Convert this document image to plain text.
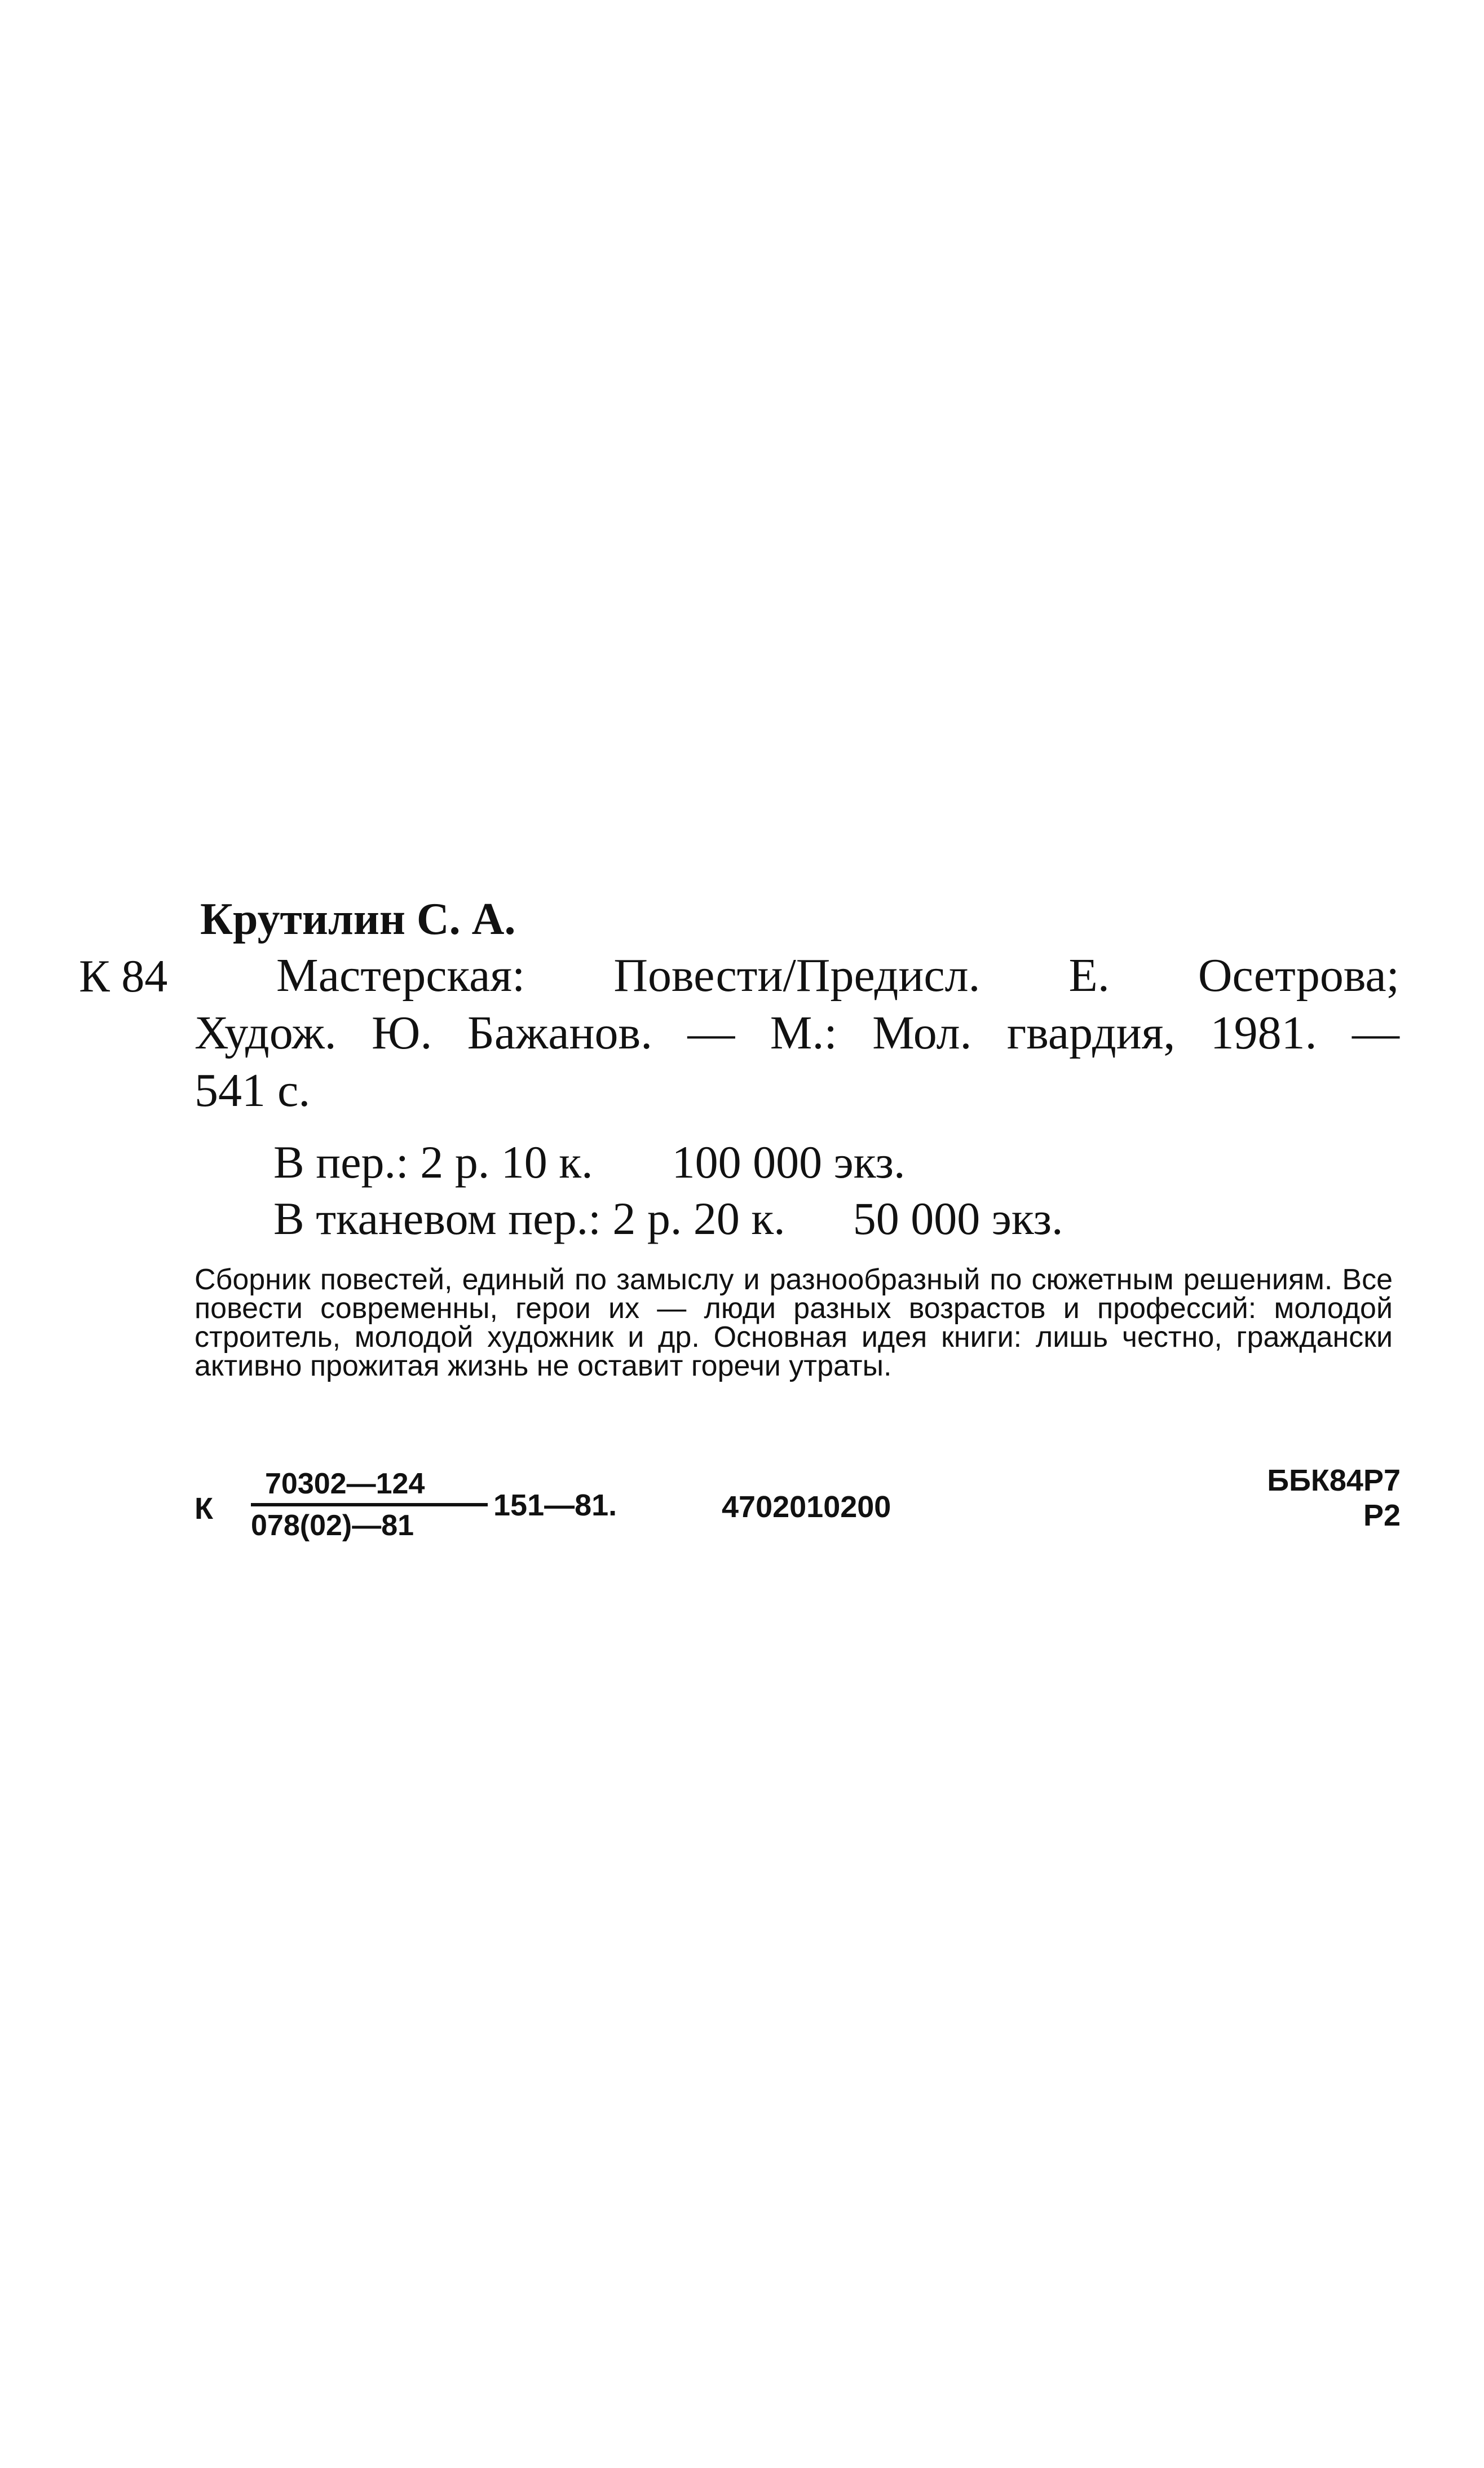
Крутилин С. А.
К 84 Мастерская: Повести/Предисл. Е. Осетрова;
Худож. Ю. Бажанов. — М.: Мол. гвардия, 1981. —
541 с.
В пер.: 2 р. 10 к. 100 000 экз.
В тканевом пер.: 2 р. 20 к. 50 000 экз.
Сборник повестей, единый по замыслу и разнообразный по сюжетным решениям. Все повести современны, герои их — люди разных возрастов и профессий: молодой строитель, молодой художник и др. Основная идея книги: лишь честно, граждански активно прожитая жизнь не оставит горечи утраты.
К
70302—124
078(02)—81
151—81.	4702010200
ББК84Р7
Р2
